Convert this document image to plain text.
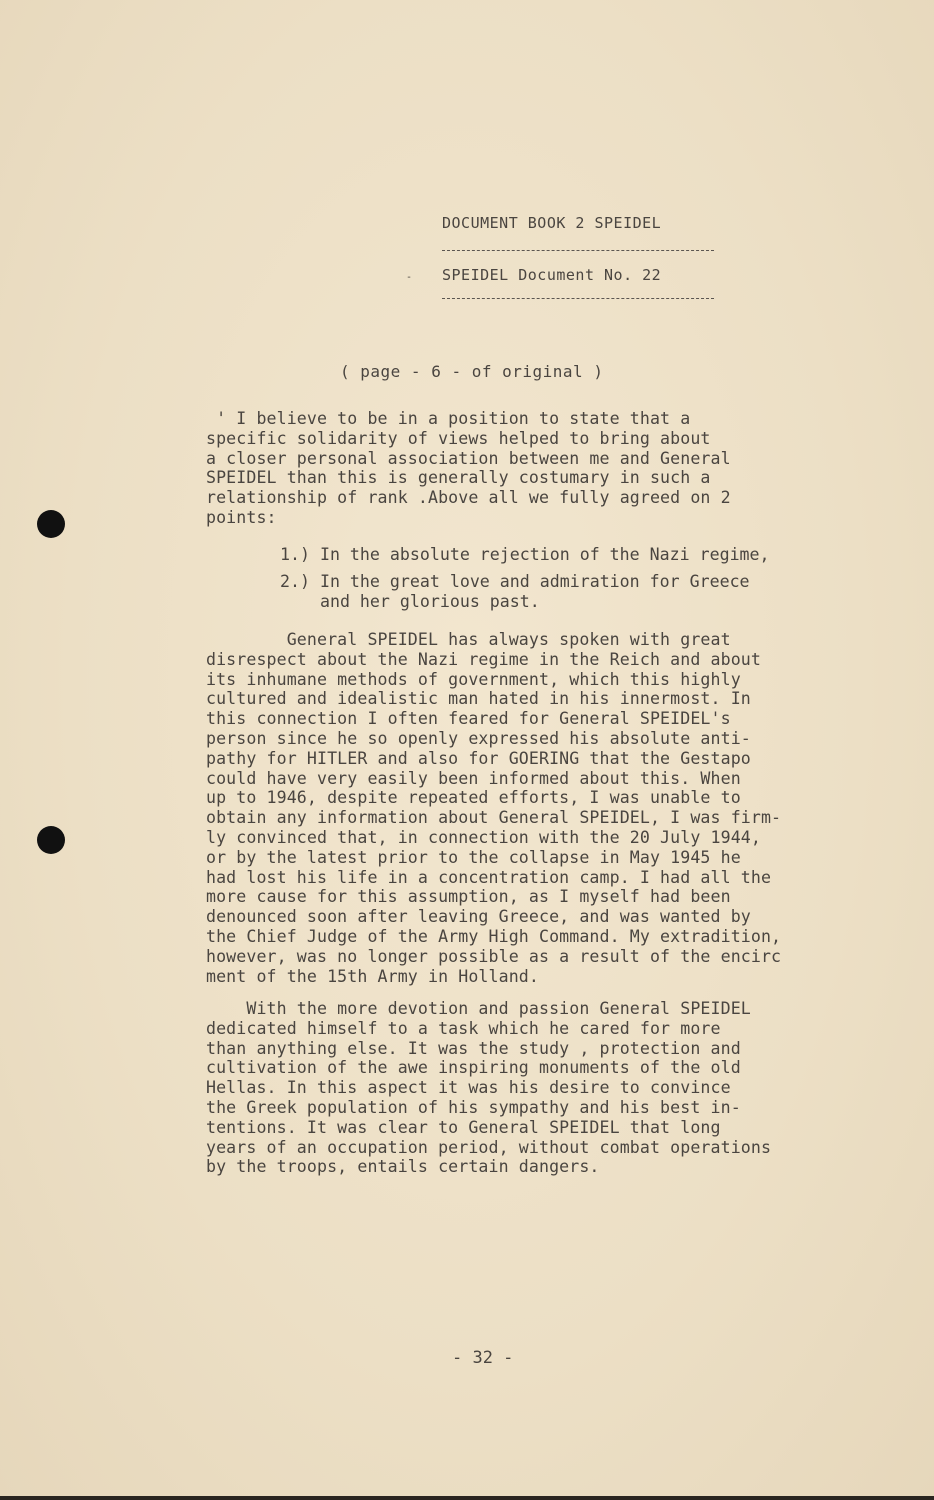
DOCUMENT BOOK 2 SPEIDEL
- SPEIDEL Document No. 22
( page - 6 - of original )

' I believe to be in a position to state that a
specific solidarity of views helped to bring about
a closer personal association between me and General
SPEIDEL than this is generally costumary in such a
relationship of rank .Above all we fully agreed on 2
points:

1.) In the absolute rejection of the Nazi regime,
2.) In the great love and admiration for Greece
and her glorious past.

General SPEIDEL has always spoken with great
disrespect about the Nazi regime in the Reich and about
its inhumane methods of government, which this highly
cultured and idealistic man hated in his innermost. In
this connection I often feared for General SPEIDEL's
person since he so openly expressed his absolute anti-
pathy for HITLER and also for GOERING that the Gestapo
could have very easily been informed about this. When
up to 1946, despite repeated efforts, I was unable to
obtain any information about General SPEIDEL, I was firm-
ly convinced that, in connection with the 20 July 1944,
or by the latest prior to the collapse in May 1945 he
had lost his life in a concentration camp. I had all the
more cause for this assumption, as I myself had been
denounced soon after leaving Greece, and was wanted by
the Chief Judge of the Army High Command. My extradition,
however, was no longer possible as a result of the encirc
ment of the 15th Army in Holland.

With the more devotion and passion General SPEIDEL
dedicated himself to a task which he cared for more
than anything else. It was the study , protection and
cultivation of the awe inspiring monuments of the old
Hellas. In this aspect it was his desire to convince
the Greek population of his sympathy and his best in-
tentions. It was clear to General SPEIDEL that long
years of an occupation period, without combat operations
by the troops, entails certain dangers.

- 32 -
